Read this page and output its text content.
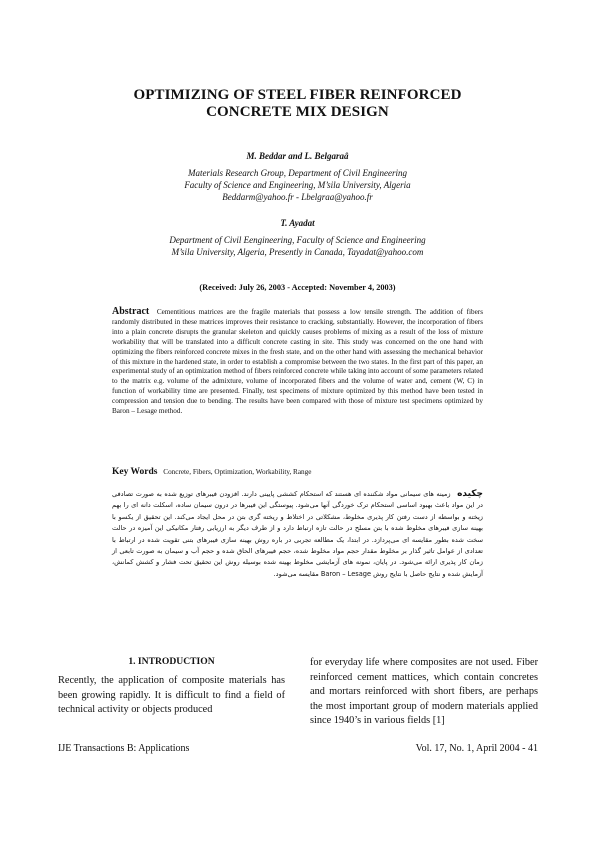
OPTIMIZING OF STEEL FIBER REINFORCED
CONCRETE MIX DESIGN
M. Beddar and L. Belgaraâ
Materials Research Group, Department of Civil Engineering
Faculty of Science and Engineering, M’sila University, Algeria
Beddarm@yahoo.fr - Lbelgraa@yahoo.fr
T. Ayadat
Department of Civil Eengineering, Faculty of Science and Engineering
M’sila University, Algeria, Presently in Canada, Tayadat@yahoo.com
(Received: July 26, 2003 - Accepted: November 4, 2003)
Abstract Cementitious matrices are the fragile materials that possess a low tensile strength. The addition of fibers randomly distributed in these matrices improves their resistance to cracking, substantially. However, the incorporation of fibers into a plain concrete disrupts the granular skeleton and quickly causes problems of mixing as a result of the loss of mixture workability that will be translated into a difficult concrete casting in site. This study was concerned on the one hand with optimizing the fibers reinforced concrete mixes in the fresh state, and on the other hand with assessing the mechanical behavior of this mixture in the hardened state, in order to establish a compromise between the two states. In the first part of this paper, an experimental study of an optimization method of fibers reinforced concrete while taking into account of some parameters related to the matrix e.g. volume of the admixture, volume of incorporated fibers and the volume of water and, cement (W, C) in function of workability time are presented. Finally, test specimens of mixture optimized by this method have been tested in compression and tension due to bending. The results have been compared with those of mixture test specimens optimized by Baron – Lesage method.
Key Words Concrete, Fibers, Optimization, Workability, Range
چکیده زمینه های سیمانی مواد شکننده ای هستند که استحکام کششی پایینی دارند. افزودن فیبرهای توزیع شده به صورت تصادفی در این مواد باعث بهبود اساسی استحکام ترک خوردگی آنها می‌شود. پیوستگی این فیبرها در درون سیمان ساده، اسکلت دانه ای را بهم زیخته و بواسطه از دست رفتن کار پذیری مخلوط، مشکلاتی در اختلاط و ریخته گری بتن در محل ایجاد می‌کند. این تحقیق از یکسو با بهینه سازی فیبرهای مخلوط شده با بتن مسلح در حالت تازه ارتباط دارد و از طرف دیگر به ارزیابی رفتار مکانیکی این آمیزه در حالت سخت شده بطور مقایسه ای می‌پردازد. در ابتدا، یک مطالعه تجربی در باره روش بهینه سازی فیبرهای بتنی تقویت شده در ارتباط با تعدادی از عوامل تاثیر گذار بر مخلوط مقدار حجم مواد مخلوط شده، حجم فیبرهای الحاق شده و حجم آب و سیمان به صورت تابعی از زمان کار پذیری ارائه می‌شود. در پایان، نمونه های آزمایشی مخلوط بهینه شده بوسیله روش این تحقیق تحت فشار و کشش کمانش، آزمایش شده و نتایج حاصل با نتایج روش Baron – Lesage مقایسه می‌شود.
1. INTRODUCTION

Recently, the application of composite materials has been growing rapidly. It is difficult to find a field of technical activity or objects produced

for everyday life where composites are not used. Fiber reinforced cement mattices, which contain concretes and mortars reinforced with short fibers, are perhaps the most important group of modern materials applied since 1940’s in various fields [1]

IJE Transactions B: Applications	Vol. 17, No. 1, April 2004 - 41
